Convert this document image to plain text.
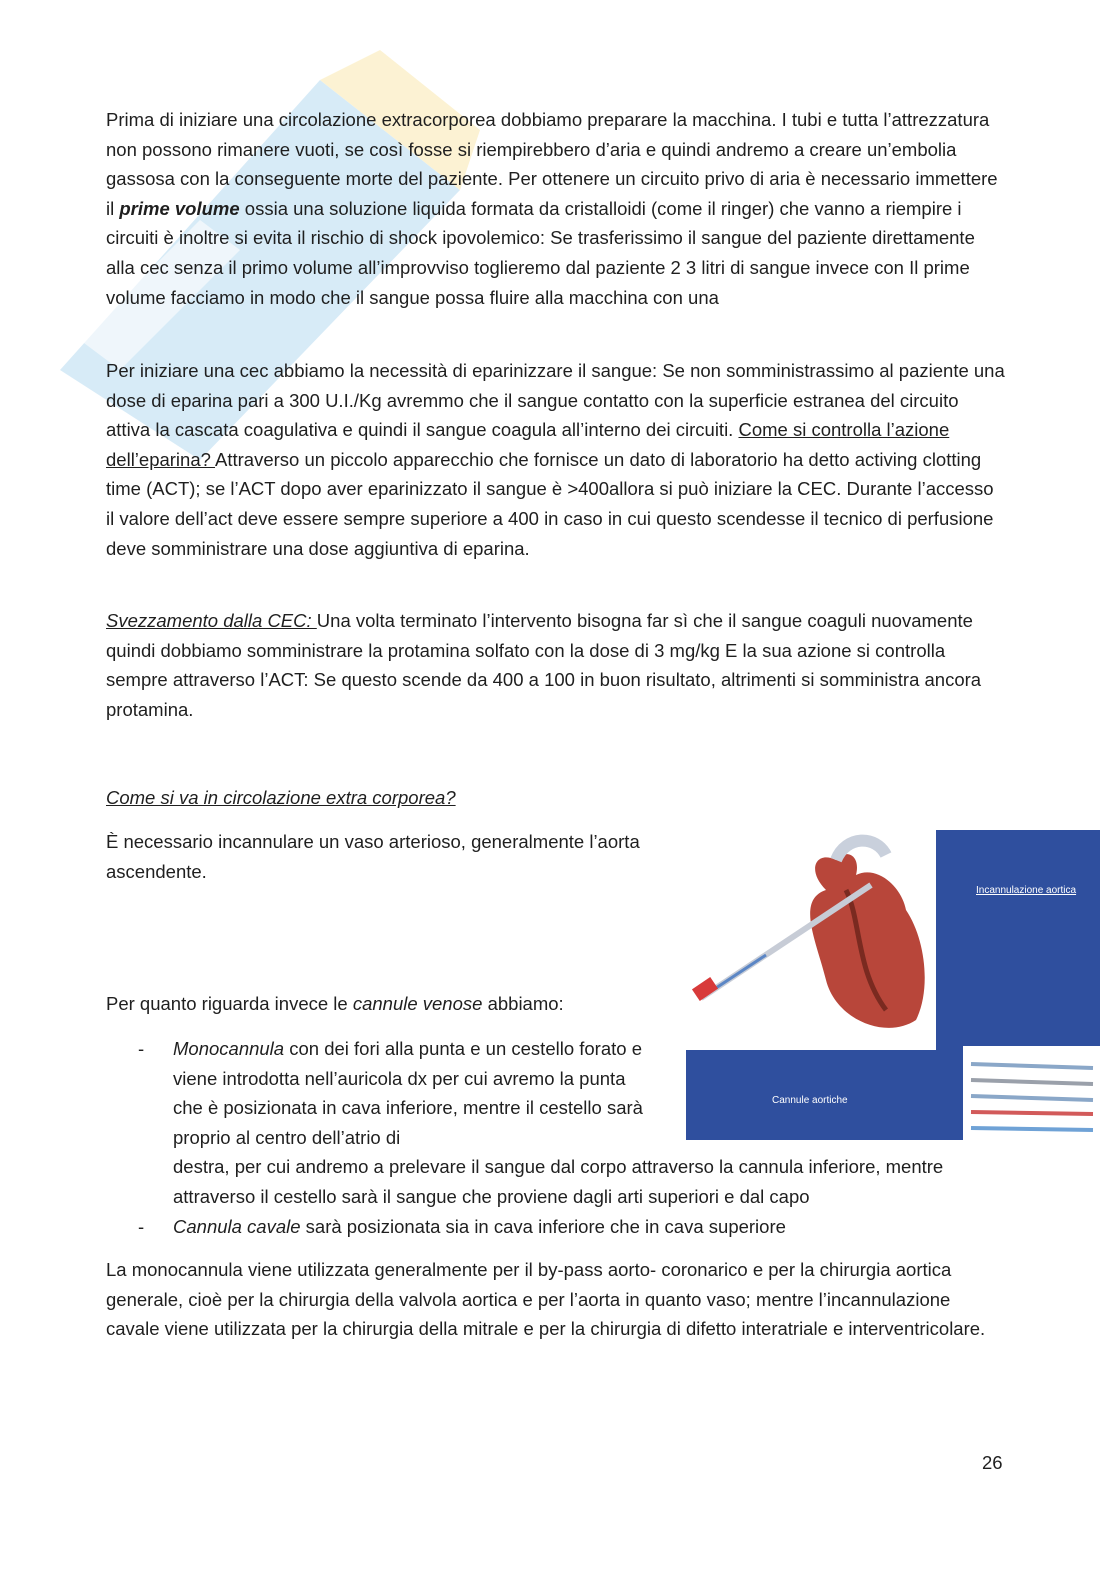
Prima di iniziare una circolazione extracorporea dobbiamo preparare la macchina. I tubi e tutta l’attrezzatura non possono rimanere vuoti, se così fosse si riempirebbero d’aria e quindi andremo a creare un’embolia gassosa con la conseguente morte del paziente. Per ottenere un circuito privo di aria è necessario immettere il prime volume ossia una soluzione liquida formata da cristalloidi (come il ringer) che vanno a riempire i circuiti è inoltre si evita il rischio di shock ipovolemico: Se trasferissimo il sangue del paziente direttamente alla cec senza il primo volume all’improvviso toglieremo dal paziente 2 3 litri di sangue invece con Il prime volume facciamo in modo che il sangue possa fluire alla macchina con una

Per iniziare una cec abbiamo la necessità di eparinizzare il sangue: Se non somministrassimo al paziente una dose di eparina pari a 300 U.I./Kg avremmo che il sangue contatto con la superficie estranea del circuito attiva la cascata coagulativa e quindi il sangue coagula all’interno dei circuiti. Come si controlla l’azione dell’eparina? Attraverso un piccolo apparecchio che fornisce un dato di laboratorio ha detto activing clotting time (ACT); se l’ACT dopo aver eparinizzato il sangue è >400allora si può iniziare la CEC. Durante l’accesso il valore dell’act deve essere sempre superiore a 400 in caso in cui questo scendesse il tecnico di perfusione deve somministrare una dose aggiuntiva di eparina.

Svezzamento dalla CEC: Una volta terminato l’intervento bisogna far sì che il sangue coaguli nuovamente quindi dobbiamo somministrare la protamina solfato con la dose di 3 mg/kg E la sua azione si controlla sempre attraverso l’ACT: Se questo scende da 400 a 100 in buon risultato, altrimenti si somministra ancora protamina.

Come si va in circolazione extra corporea?

È necessario incannulare un vaso arterioso, generalmente l’aorta ascendente.

Incannulazione aortica
Cannule aortiche

Per quanto riguarda invece le cannule venose abbiamo:

- Monocannula con dei fori alla punta e un cestello forato e viene introdotta nell’auricola dx per cui avremo la punta che è posizionata in cava inferiore, mentre il cestello sarà proprio al centro dell’atrio di
destra, per cui andremo a prelevare il sangue dal corpo attraverso la cannula inferiore, mentre attraverso il cestello sarà il sangue che proviene dagli arti superiori e dal capo
- Cannula cavale sarà posizionata sia in cava inferiore che in cava superiore

La monocannula viene utilizzata generalmente per il by-pass aorto- coronarico e per la chirurgia aortica generale, cioè per la chirurgia della valvola aortica e per l’aorta in quanto vaso; mentre l’incannulazione cavale viene utilizzata per la chirurgia della mitrale e per la chirurgia di difetto interatriale e interventricolare.

26
